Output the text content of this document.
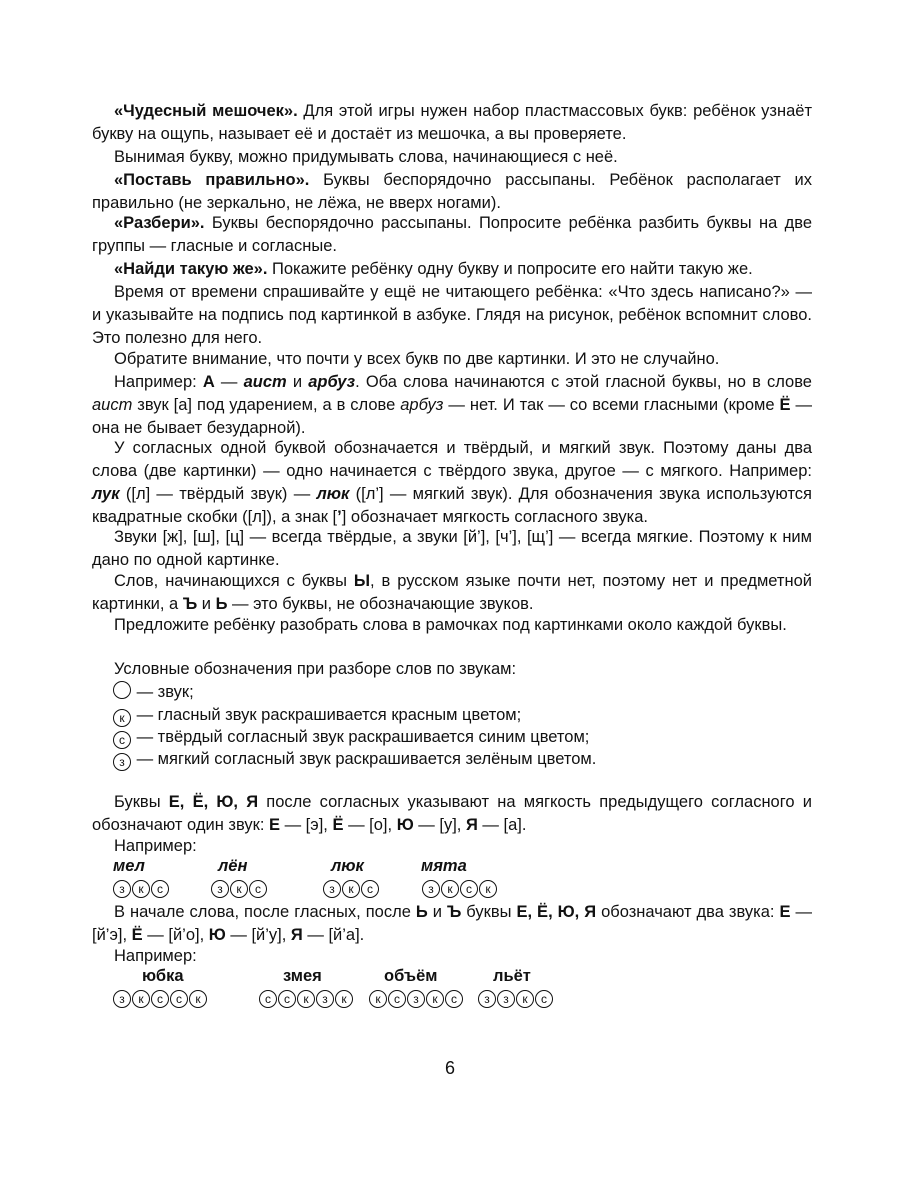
«Чудесный мешочек». Для этой игры нужен набор пластмассовых букв: ребёнок узнаёт букву на ощупь, называет её и достаёт из мешочка, а вы проверяете.
Вынимая букву, можно придумывать слова, начинающиеся с неё.
«Поставь правильно». Буквы беспорядочно рассыпаны. Ребёнок располагает их правильно (не зеркально, не лёжа, не вверх ногами).
«Разбери». Буквы беспорядочно рассыпаны. Попросите ребёнка разбить буквы на две группы — гласные и согласные.
«Найди такую же». Покажите ребёнку одну букву и попросите его найти такую же.
Время от времени спрашивайте у ещё не читающего ребёнка: «Что здесь написано?» — и указывайте на подпись под картинкой в азбуке. Глядя на рисунок, ребёнок вспомнит слово. Это полезно для него.
Обратите внимание, что почти у всех букв по две картинки. И это не случайно.
Например: А — аист и арбуз. Оба слова начинаются с этой гласной буквы, но в слове аист звук [а] под ударением, а в слове арбуз — нет. И так — со всеми гласными (кроме Ё — она не бывает безударной).
У согласных одной буквой обозначается и твёрдый, и мягкий звук. Поэтому даны два слова (две картинки) — одно начинается с твёрдого звука, другое — с мягкого. Например: лук ([л] — твёрдый звук) — люк ([л’] — мягкий звук). Для обозначения звука используются квадратные скобки ([л]), а знак [’] обозначает мягкость согласного звука.
Звуки [ж], [ш], [ц] — всегда твёрдые, а звуки [й’], [ч’], [щ’] — всегда мягкие. Поэтому к ним дано по одной картинке.
Слов, начинающихся с буквы Ы, в русском языке почти нет, поэтому нет и предметной картинки, а Ъ и Ь — это буквы, не обозначающие звуков.
Предложите ребёнку разобрать слова в рамочках под картинками около каждой буквы.
Условные обозначения при разборе слов по звукам:
— звук;
к — гласный звук раскрашивается красным цветом;
с — твёрдый согласный звук раскрашивается синим цветом;
з — мягкий согласный звук раскрашивается зелёным цветом.
Буквы Е, Ё, Ю, Я после согласных указывают на мягкость предыдущего согласного и обозначают один звук: Е — [э], Ё — [о], Ю — [у], Я — [а].
Например:
мел	лён	люк	мята
з к с	з к с	з к с	з к с к
В начале слова, после гласных, после Ь и Ъ буквы Е, Ё, Ю, Я обозначают два звука: Е — [й’э], Ё — [й’о], Ю — [й’у], Я — [й’а].
Например:
юбка	змея	объём	льёт
з к с с к	с с к з к	к с з к с	з з к с
6
